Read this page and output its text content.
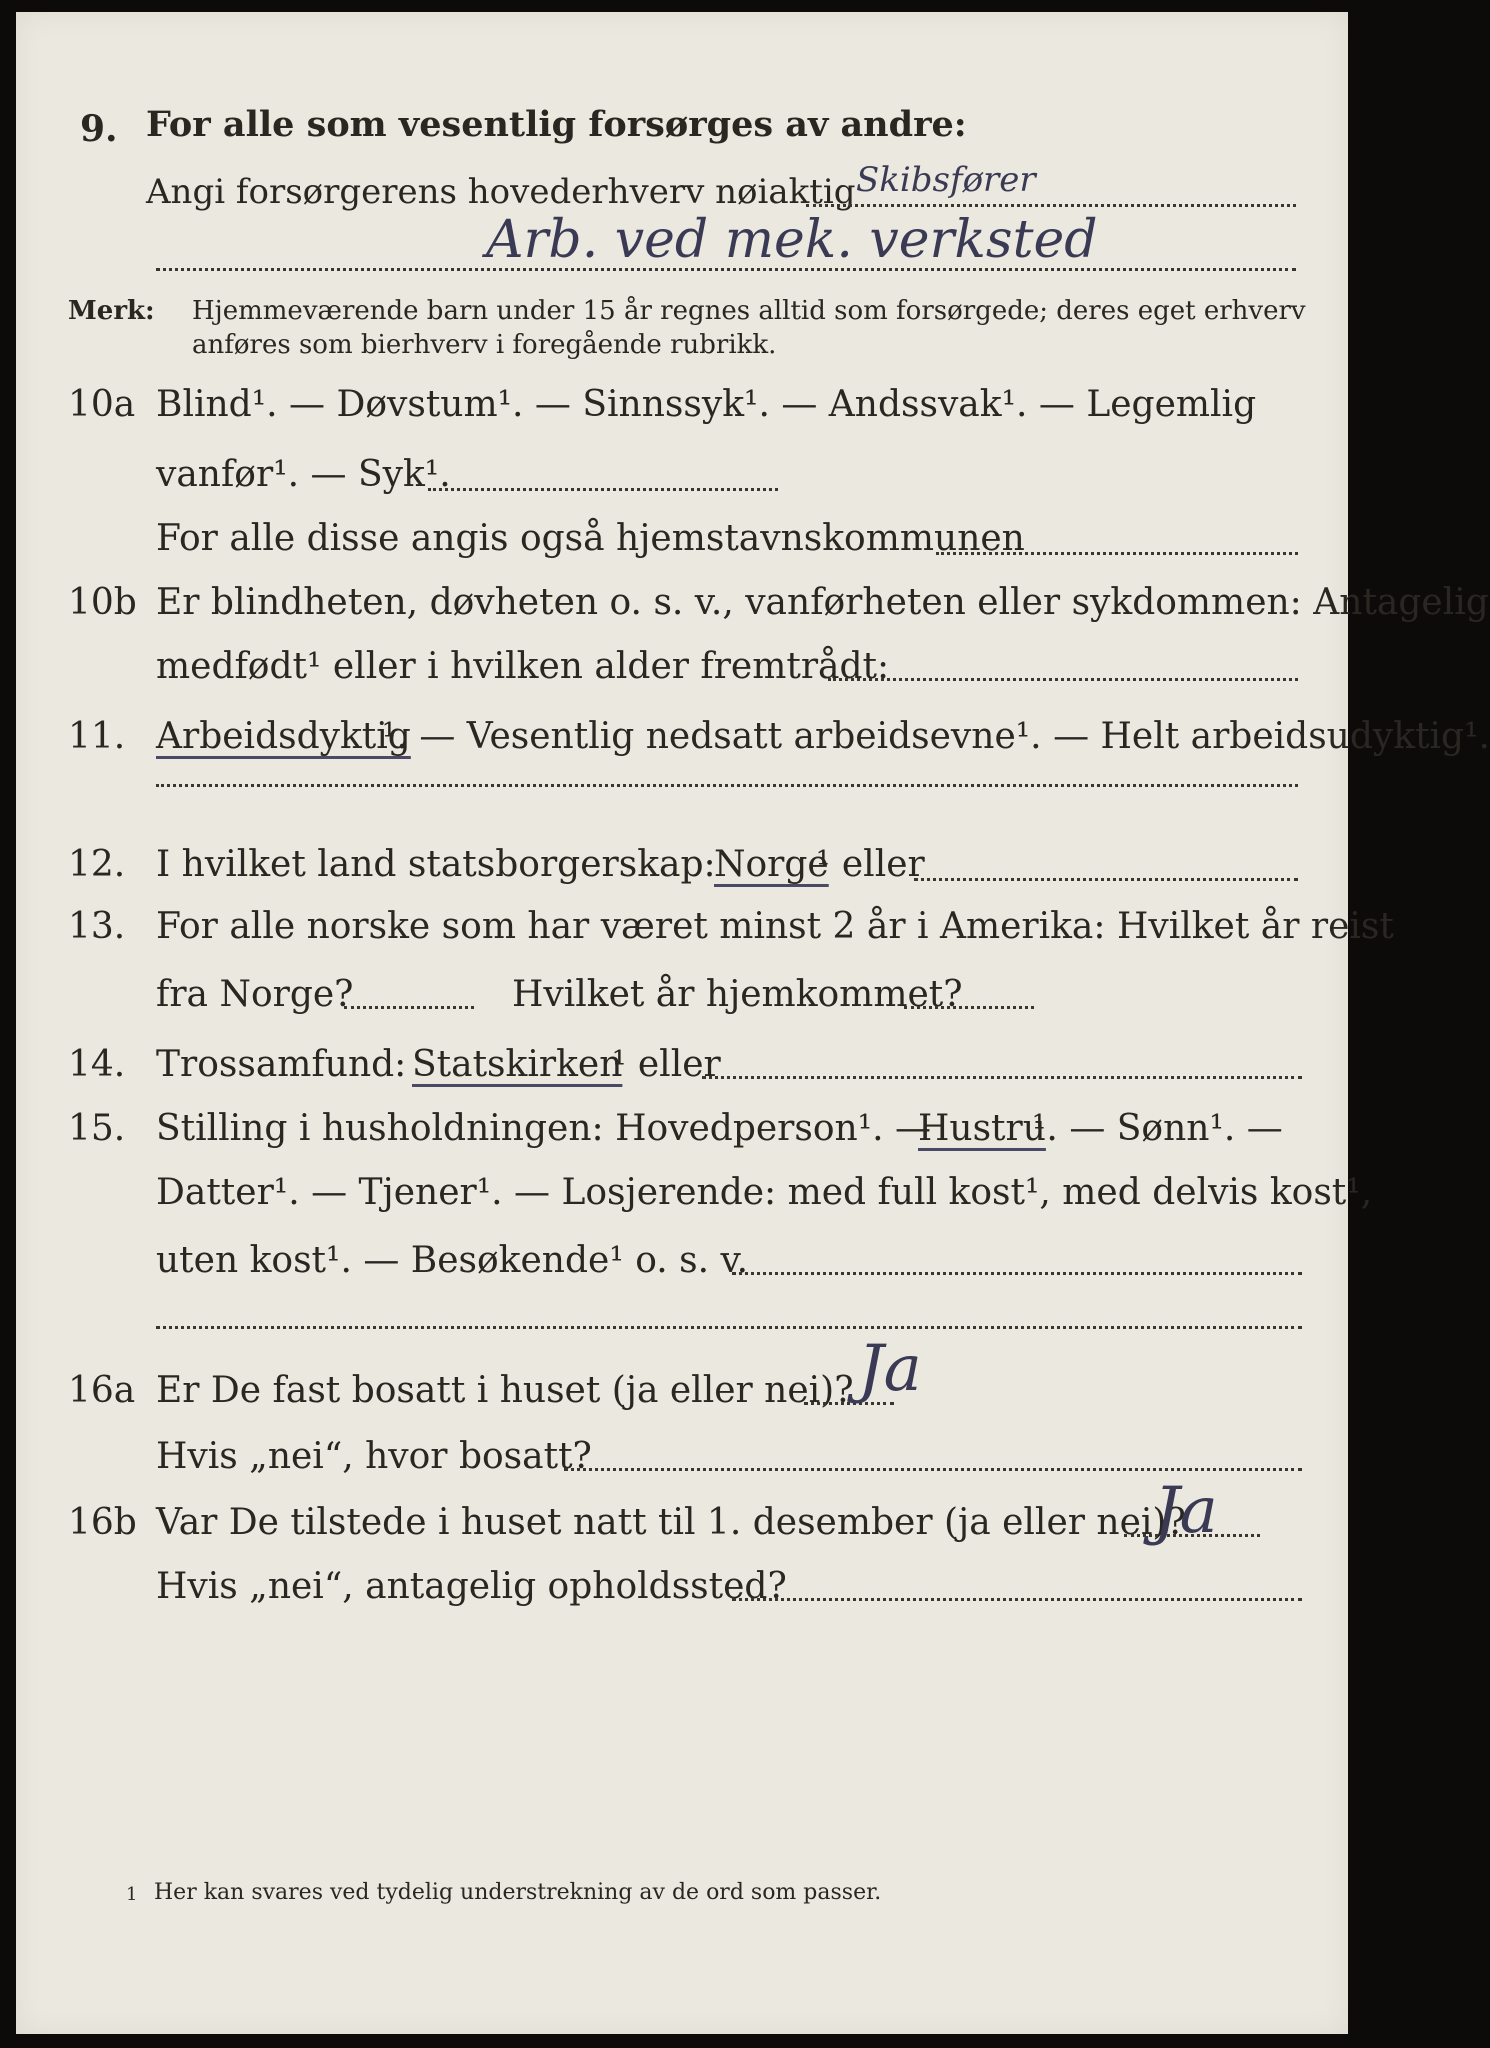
9. For alle som vesentlig forsørges av andre:
Angi forsørgerens hovederhverv nøiaktig Skibsfører
Arb. ved mek. verksted
Merk: Hjemmeværende barn under 15 år regnes alltid som forsørgede; deres eget erhverv
anføres som bierhverv i foregående rubrikk.
10a Blind¹. — Døvstum¹. — Sinnssyk¹. — Andssvak¹. — Legemlig
vanfør¹. — Syk¹.
For alle disse angis også hjemstavnskommunen
10b Er blindheten, døvheten o. s. v., vanførheten eller sykdommen: Antagelig
medfødt¹ eller i hvilken alder fremtrådt:
11. Arbeidsdyktig
¹. — Vesentlig nedsatt arbeidsevne¹. — Helt arbeidsudyktig¹.
12. I hvilket land statsborgerskap:
Norge
¹ eller
13. For alle norske som har været minst 2 år i Amerika: Hvilket år reist
fra Norge?	Hvilket år hjemkommet?
14. Trossamfund: Statskirken
¹ eller
15. Stilling i husholdningen: Hovedperson¹. —
Hustru
¹. — Sønn¹. —
Datter¹. — Tjener¹. — Losjerende: med full kost¹, med delvis kost¹,
uten kost¹. — Besøkende¹ o. s. v.
16a Er De fast bosatt i huset (ja eller nei)? Ja
Hvis „nei“, hvor bosatt?
16b Var De tilstede i huset natt til 1. desember (ja eller nei)?
Ja
Hvis „nei“, antagelig opholdssted?
1 Her kan svares ved tydelig understrekning av de ord som passer.
